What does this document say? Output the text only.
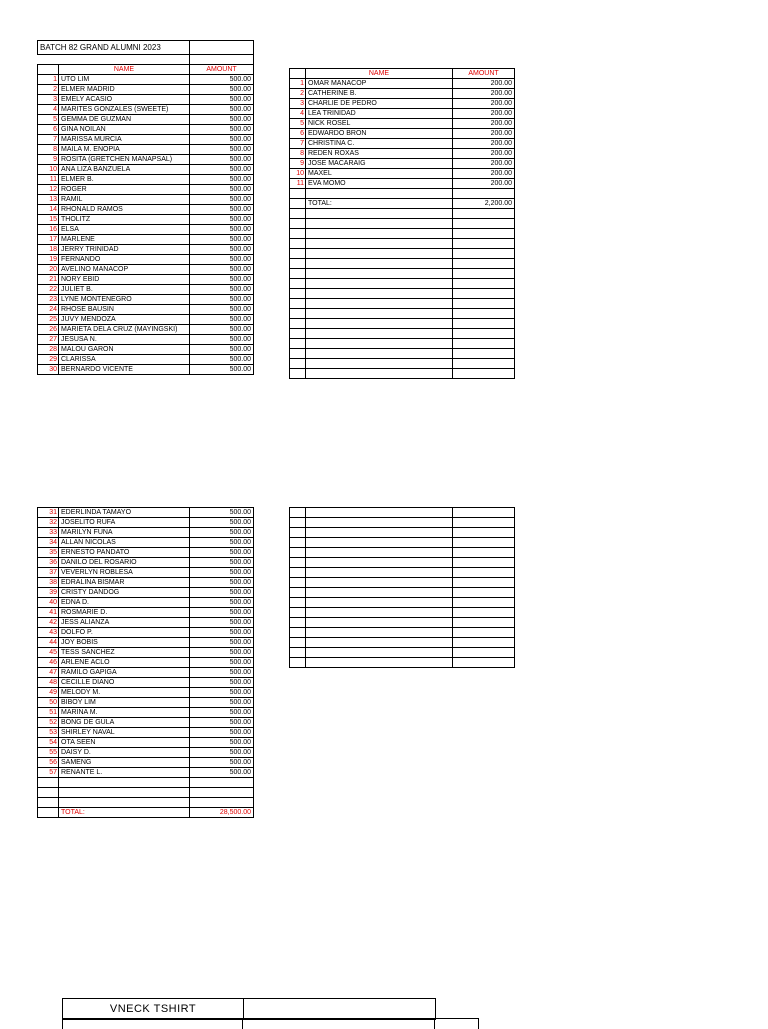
BATCH 82 GRAND ALUMNI 2023		

	NAME	AMOUNT
1	UTO LIM	500.00
2	ELMER MADRID	500.00
3	EMELY ACASIO	500.00
4	MARITES GONZALES (SWEETE)	500.00
5	GEMMA DE GUZMAN	500.00
6	GINA NOILAN	500.00
7	MARISSA MURCIA	500.00
8	MAILA M. ENOPIA	500.00
9	ROSITA (GRETCHEN MANAPSAL)	500.00
10	ANA LIZA BANZUELA	500.00
11	ELMER B.	500.00
12	ROGER	500.00
13	RAMIL	500.00
14	RHONALD RAMOS	500.00
15	THOLITZ	500.00
16	ELSA	500.00
17	MARLENE	500.00
18	JERRY TRINIDAD	500.00
19	FERNANDO	500.00
20	AVELINO MANACOP	500.00
21	NORY EBID	500.00
22	JULIET B.	500.00
23	LYNE MONTENEGRO	500.00
24	RHOSE BAUSIN	500.00
25	JUVY MENDOZA	500.00
26	MARIETA DELA CRUZ (MAYINGSKI)	500.00
27	JESUSA N.	500.00
28	MALOU GARON	500.00
29	CLARISSA	500.00
30	BERNARDO VICENTE	500.00
	NAME	AMOUNT
1	OMAR MANACOP	200.00
2	CATHERINE B.	200.00
3	CHARLIE DE PEDRO	200.00
4	LEA TRINIDAD	200.00
5	NICK ROSEL	200.00
6	EDWARDO BRON	200.00
7	CHRISTINA C.	200.00
8	REDEN ROXAS	200.00
9	JOSE MACARAIG	200.00
10	MAXEL	200.00
11	EVA MOMO	200.00

	TOTAL:	2,200.00

31	EDERLINDA TAMAYO	500.00
32	JOSELITO RUFA	500.00
33	MARILYN FUNA	500.00
34	ALLAN NICOLAS	500.00
35	ERNESTO PANDATO	500.00
36	DANILO DEL ROSARIO	500.00
37	VEVERLYN ROBLESA	500.00
38	EDRALINA BISMAR	500.00
39	CRISTY DANDOG	500.00
40	EDNA D.	500.00
41	ROSMARIE D.	500.00
42	JESS ALIANZA	500.00
43	DOLFO P.	500.00
44	JOY BOBIS	500.00
45	TESS SANCHEZ	500.00
46	ARLENE ACLO	500.00
47	RAMILO GAPIGA	500.00
48	CECILLE DIANO	500.00
49	MELODY M.	500.00
50	BIBOY LIM	500.00
51	MARINA M.	500.00
52	BONG DE GULA	500.00
53	SHIRLEY NAVAL	500.00
54	OTA SEEN	500.00
55	DAISY D.	500.00
56	SAMENG	500.00
57	RENANTE L.	500.00

	TOTAL:	28,500.00

VNECK TSHIRT
